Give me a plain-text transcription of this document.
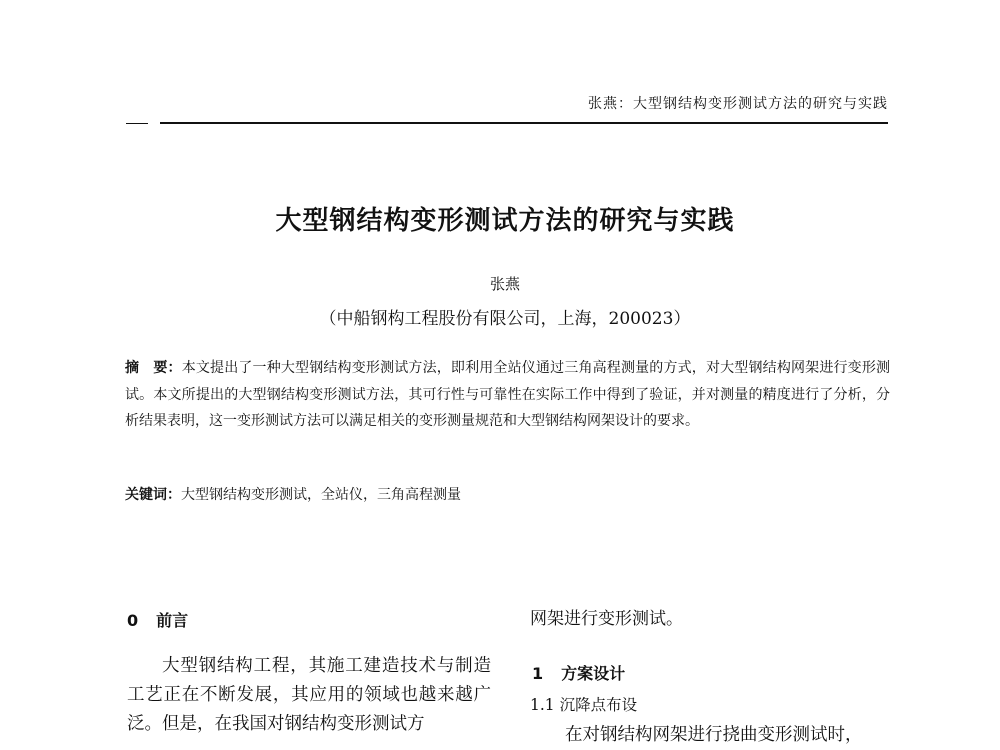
张燕：大型钢结构变形测试方法的研究与实践
大型钢结构变形测试方法的研究与实践
张燕
（中船钢构工程股份有限公司，上海，200023）
摘　要：本文提出了一种大型钢结构变形测试方法，即利用全站仪通过三角高程测量的方式，对大型钢结构网架进行变形测试。本文所提出的大型钢结构变形测试方法，其可行性与可靠性在实际工作中得到了验证，并对测量的精度进行了分析，分析结果表明，这一变形测试方法可以满足相关的变形测量规范和大型钢结构网架设计的要求。
关键词：大型钢结构变形测试，全站仪，三角高程测量
0 前言

大型钢结构工程，其施工建造技术与制造工艺正在不断发展，其应用的领域也越来越广泛。但是，在我国对钢结构变形测试方

网架进行变形测试。
1 方案设计
1.1 沉降点布设

在对钢结构网架进行挠曲变形测试时，
